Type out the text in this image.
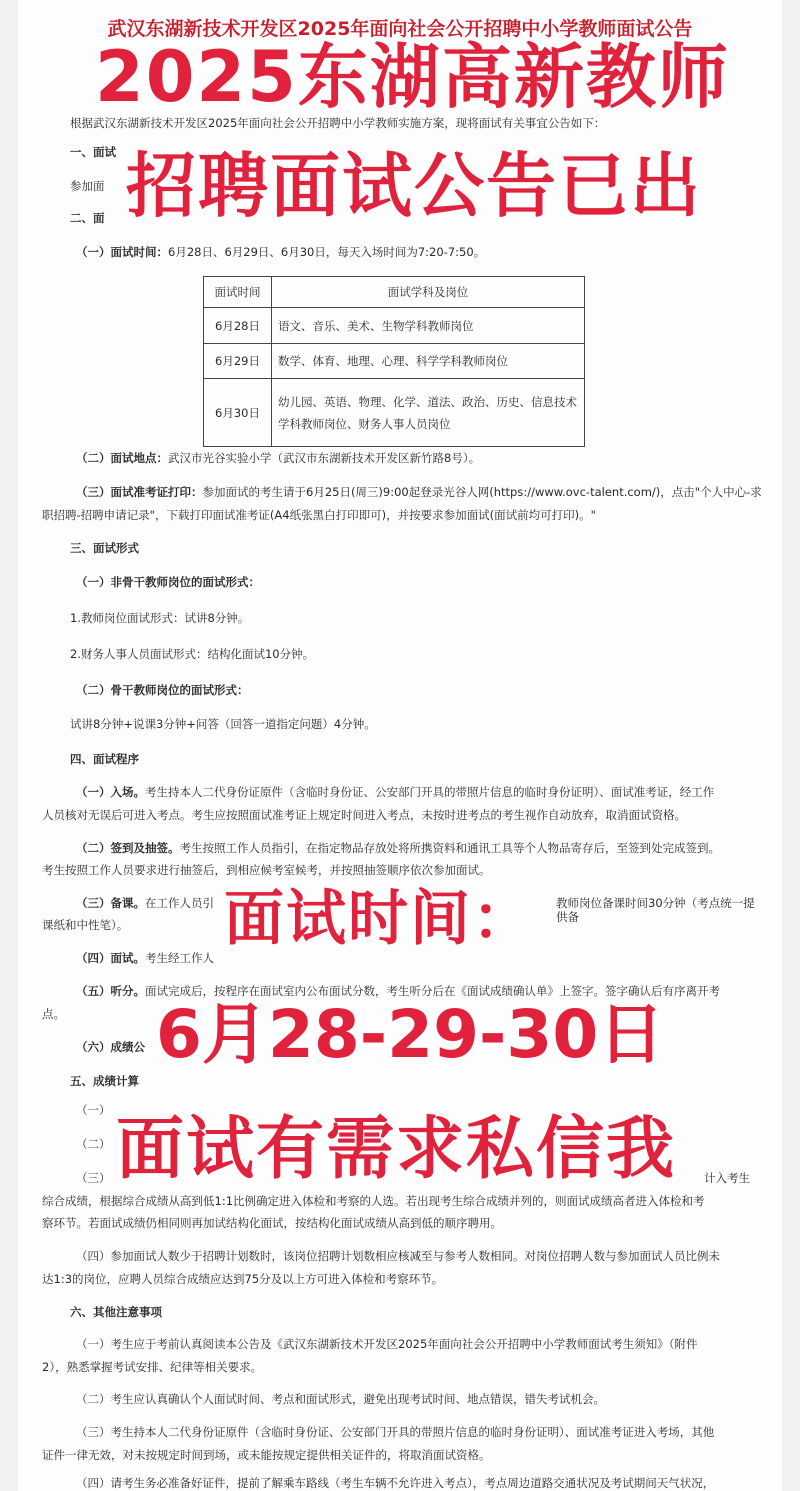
武汉东湖新技术开发区2025年面向社会公开招聘中小学教师面试公告
根据武汉东湖新技术开发区2025年面向社会公开招聘中小学教师实施方案，现将面试有关事宜公告如下：
一、面试
参加面
二、面
（一）面试时间：6月28日、6月29日、6月30日，每天入场时间为7:20-7:50。
面试时间	面试学科及岗位
6月28日	语文、音乐、美术、生物学科教师岗位
6月29日	数学、体育、地理、心理、科学学科教师岗位
6月30日	幼儿园、英语、物理、化学、道法、政治、历史、信息技术学科教师岗位、财务人事人员岗位
（二）面试地点：武汉市光谷实验小学（武汉市东湖新技术开发区新竹路8号）。
（三）面试准考证打印：参加面试的考生请于6月25日(周三)9:00起登录光谷人网(https://www.ovc-talent.com/)，点击"个人中心-求
职招聘-招聘申请记录"，下载打印面试准考证(A4纸张黑白打印即可)，并按要求参加面试(面试前均可打印)。"
三、面试形式
（一）非骨干教师岗位的面试形式：
1.教师岗位面试形式：试讲8分钟。
2.财务人事人员面试形式：结构化面试10分钟。
（二）骨干教师岗位的面试形式：
试讲8分钟+说课3分钟+问答（回答一道指定问题）4分钟。
四、面试程序
（一）入场。考生持本人二代身份证原件（含临时身份证、公安部门开具的带照片信息的临时身份证明）、面试准考证，经工作
人员核对无误后可进入考点。考生应按照面试准考证上规定时间进入考点，未按时进考点的考生视作自动放弃，取消面试资格。
（二）签到及抽签。考生按照工作人员指引，在指定物品存放处将所携资料和通讯工具等个人物品寄存后，至签到处完成签到。
考生按照工作人员要求进行抽签后，到相应候考室候考，并按照抽签顺序依次参加面试。
（三）备课。在工作人员引	教师岗位备课时间30分钟（考点统一提供备
课纸和中性笔）。
（四）面试。考生经工作人
（五）听分。面试完成后，按程序在面试室内公布面试分数，考生听分后在《面试成绩确认单》上签字。签字确认后有序离开考
点。
（六）成绩公
五、成绩计算
（一）
（二）
（三）	计入考生
综合成绩，根据综合成绩从高到低1:1比例确定进入体检和考察的人选。若出现考生综合成绩并列的，则面试成绩高者进入体检和考
察环节。若面试成绩仍相同则再加试结构化面试，按结构化面试成绩从高到低的顺序聘用。
（四）参加面试人数少于招聘计划数时，该岗位招聘计划数相应核减至与参考人数相同。对岗位招聘人数与参加面试人员比例未
达1:3的岗位，应聘人员综合成绩应达到75分及以上方可进入体检和考察环节。
六、其他注意事项
（一）考生应于考前认真阅读本公告及《武汉东湖新技术开发区2025年面向社会公开招聘中小学教师面试考生须知》（附件
2），熟悉掌握考试安排、纪律等相关要求。
（二）考生应认真确认个人面试时间、考点和面试形式，避免出现考试时间、地点错误，错失考试机会。
（三）考生持本人二代身份证原件（含临时身份证、公安部门开具的带照片信息的临时身份证明）、面试准考证进入考场，其他
证件一律无效，对未按规定时间到场，或未能按规定提供相关证件的，将取消面试资格。
（四）请考生务必准备好证件，提前了解乘车路线（考生车辆不允许进入考点），考点周边道路交通状况及考试期间天气状况，
2025东湖高新教师
招聘面试公告已出
面试时间：
6月28-29-30日
面试有需求私信我
